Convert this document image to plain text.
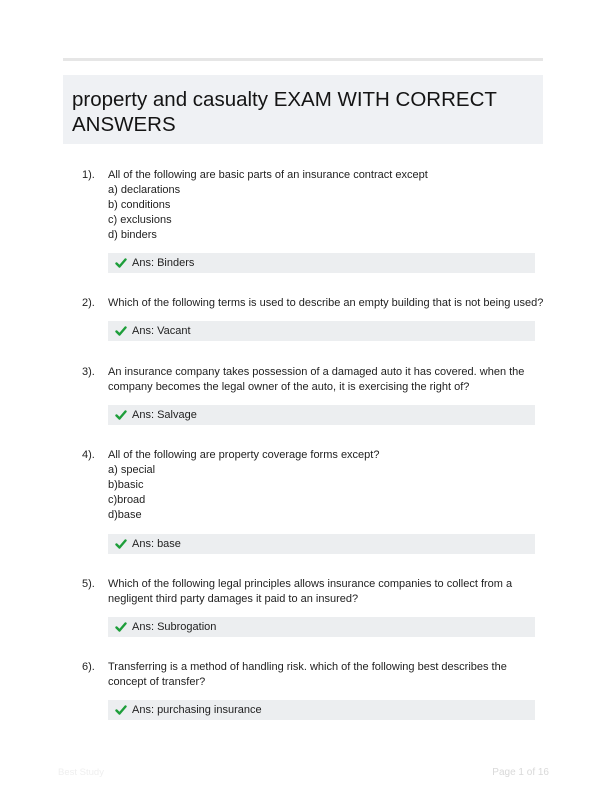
property and casualty EXAM WITH CORRECT ANSWERS
1). All of the following are basic parts of an insurance contract except
a) declarations
b) conditions
c) exclusions
d) binders
Ans: Binders
2). Which of the following terms is used to describe an empty building that is not being used?
Ans: Vacant
3). An insurance company takes possession of a damaged auto it has covered. when the
company becomes the legal owner of the auto, it is exercising the right of?
Ans: Salvage
4). All of the following are property coverage forms except?
a) special
b)basic
c)broad
d)base
Ans: base
5). Which of the following legal principles allows insurance companies to collect from a
negligent third party damages it paid to an insured?
Ans: Subrogation
6). Transferring is a method of handling risk. which of the following best describes the
concept of transfer?
Ans: purchasing insurance
Best Study	Page 1 of 16
